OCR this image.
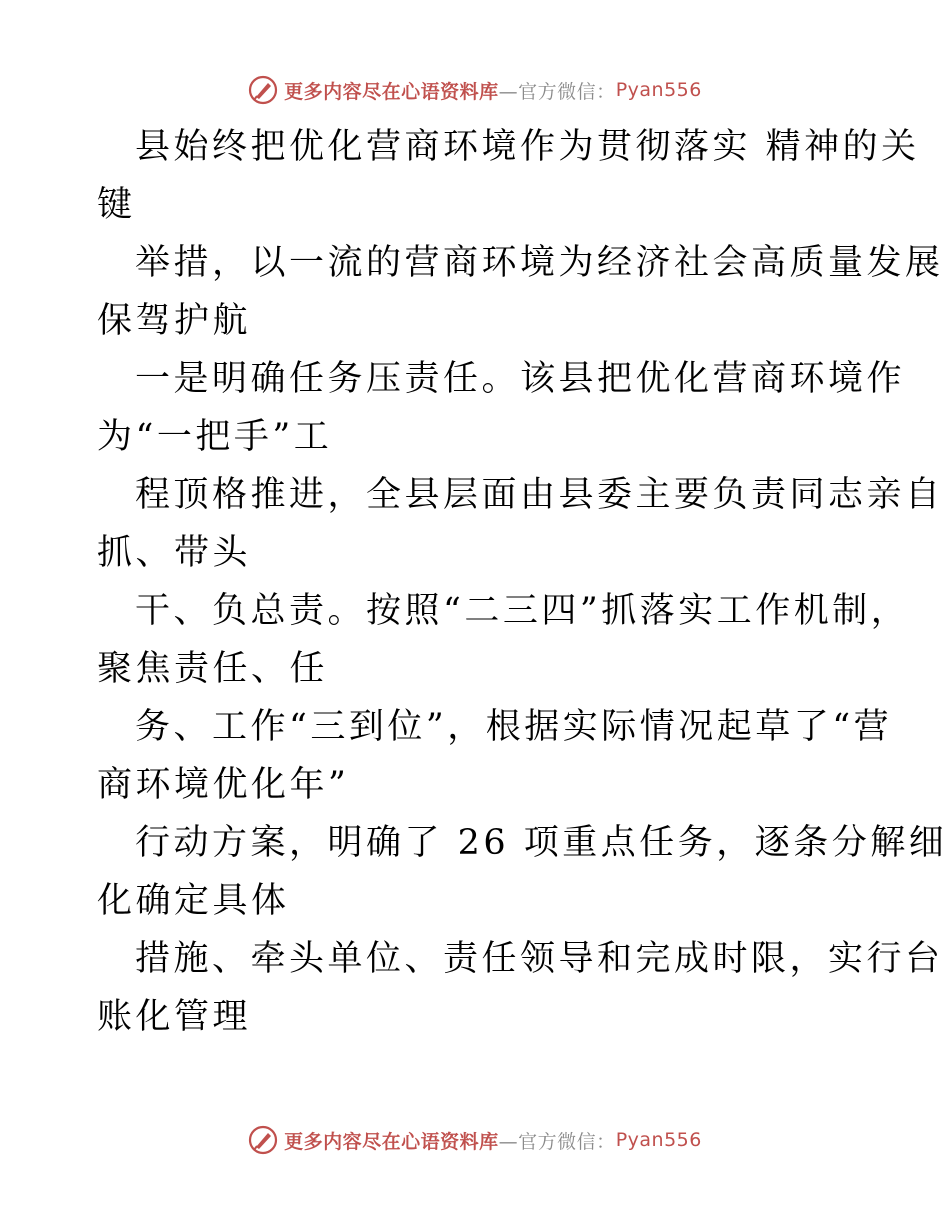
更多内容尽在心语资料库 —官方微信： Pyan556
县始终把优化营商环境作为贯彻落实 精神的关
键
举措，以一流的营商环境为经济社会高质量发展
保驾护航
一是明确任务压责任。该县把优化营商环境作
为“一把手”工
程顶格推进，全县层面由县委主要负责同志亲自
抓、带头
干、负总责。按照“二三四”抓落实工作机制，
聚焦责任、任
务、工作“三到位”，根据实际情况起草了“营
商环境优化年”
行动方案，明确了 26 项重点任务，逐条分解细
化确定具体
措施、牵头单位、责任领导和完成时限，实行台
账化管理
更多内容尽在心语资料库 —官方微信： Pyan556
